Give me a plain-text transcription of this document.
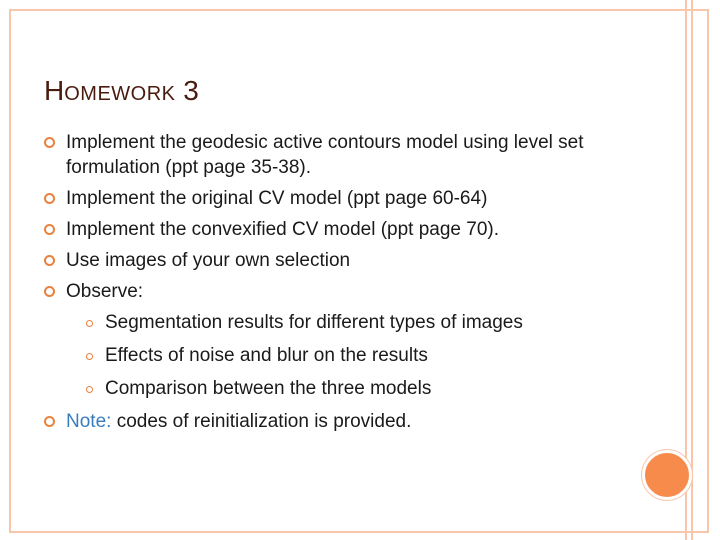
HOMEWORK 3
Implement the geodesic active contours model using level set formulation (ppt page 35-38).
Implement the original CV model (ppt page 60-64)
Implement the convexified CV model (ppt page 70).
Use images of your own selection
Observe:
Segmentation results for different types of images
Effects of noise and blur on the results
Comparison between the three models
Note: codes of reinitialization is provided.
